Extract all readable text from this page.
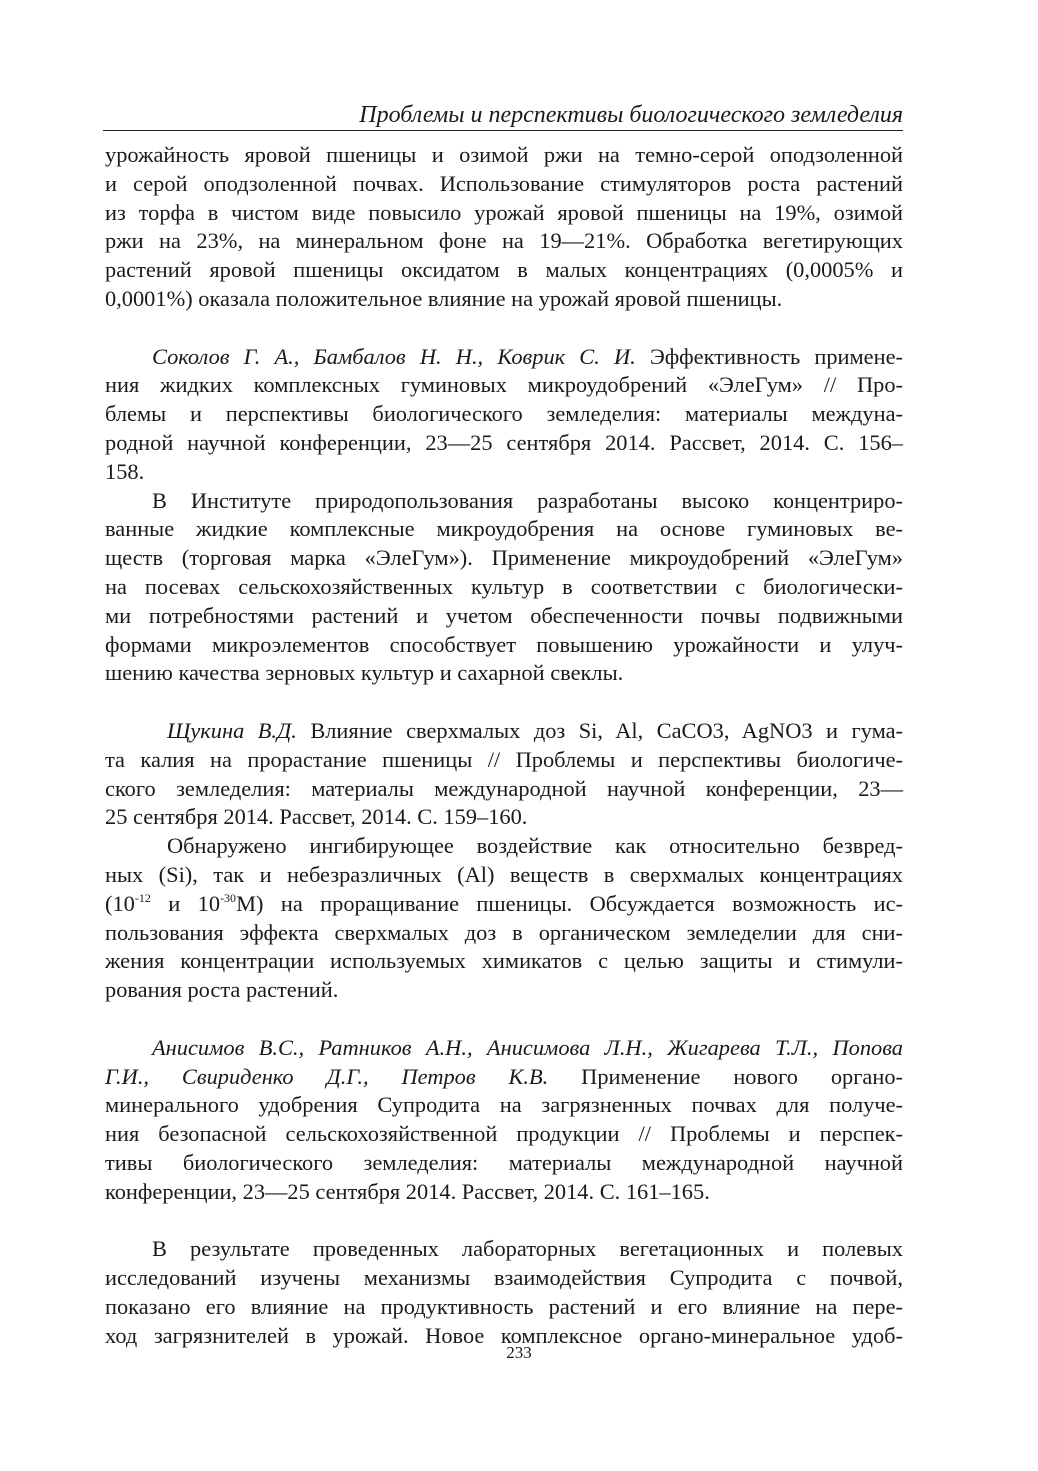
Проблемы и перспективы биологического земледелия
урожайность яровой пшеницы и озимой ржи на темно-серой оподзоленной
и серой оподзоленной почвах. Использование стимуляторов роста растений
из торфа в чистом виде повысило урожай яровой пшеницы на 19%, озимой
ржи на 23%, на минеральном фоне на 19—21%. Обработка вегетирующих
растений яровой пшеницы оксидатом в малых концентрациях (0,0005% и
0,0001%) оказала положительное влияние на урожай яровой пшеницы.
Соколов Г. А., Бамбалов Н. Н., Коврик С. И. Эффективность примене-
ния жидких комплексных гуминовых микроудобрений «ЭлеГум» // Про-
блемы и перспективы биологического земледелия: материалы междуна-
родной научной конференции, 23—25 сентября 2014. Рассвет, 2014. С. 156–
158.
В Институте природопользования разработаны высоко концентриро-
ванные жидкие комплексные микроудобрения на основе гуминовых ве-
ществ (торговая марка «ЭлеГум»). Применение микроудобрений «ЭлеГум»
на посевах сельскохозяйственных культур в соответствии с биологически-
ми потребностями растений и учетом обеспеченности почвы подвижными
формами микроэлементов способствует повышению урожайности и улуч-
шению качества зерновых культур и сахарной свеклы.
Щукина В.Д. Влияние сверхмалых доз Si, Al, CaCO3, AgNO3 и гума-
та калия на прорастание пшеницы // Проблемы и перспективы биологиче-
ского земледелия: материалы международной научной конференции, 23—
25 сентября 2014. Рассвет, 2014. С. 159–160.
Обнаружено ингибирующее воздействие как относительно безвред-
ных (Si), так и небезразличных (Al) веществ в сверхмалых концентрациях
($10^{-12}$ и $10^{-30}М$) на проращивание пшеницы. Обсуждается возможность ис-
пользования эффекта сверхмалых доз в органическом земледелии для сни-
жения концентрации используемых химикатов с целью защиты и стимули-
рования роста растений.
Анисимов В.С., Ратников А.Н., Анисимова Л.Н., Жигарева Т.Л., Попова
Г.И., Свириденко Д.Г., Петров К.В. Применение нового органо-
минерального удобрения Супродита на загрязненных почвах для получе-
ния безопасной сельскохозяйственной продукции // Проблемы и перспек-
тивы биологического земледелия: материалы международной научной
конференции, 23—25 сентября 2014. Рассвет, 2014. С. 161–165.
В результате проведенных лабораторных вегетационных и полевых
исследований изучены механизмы взаимодействия Супродита с почвой,
показано его влияние на продуктивность растений и его влияние на пере-
ход загрязнителей в урожай. Новое комплексное органо-минеральное удоб-
233
